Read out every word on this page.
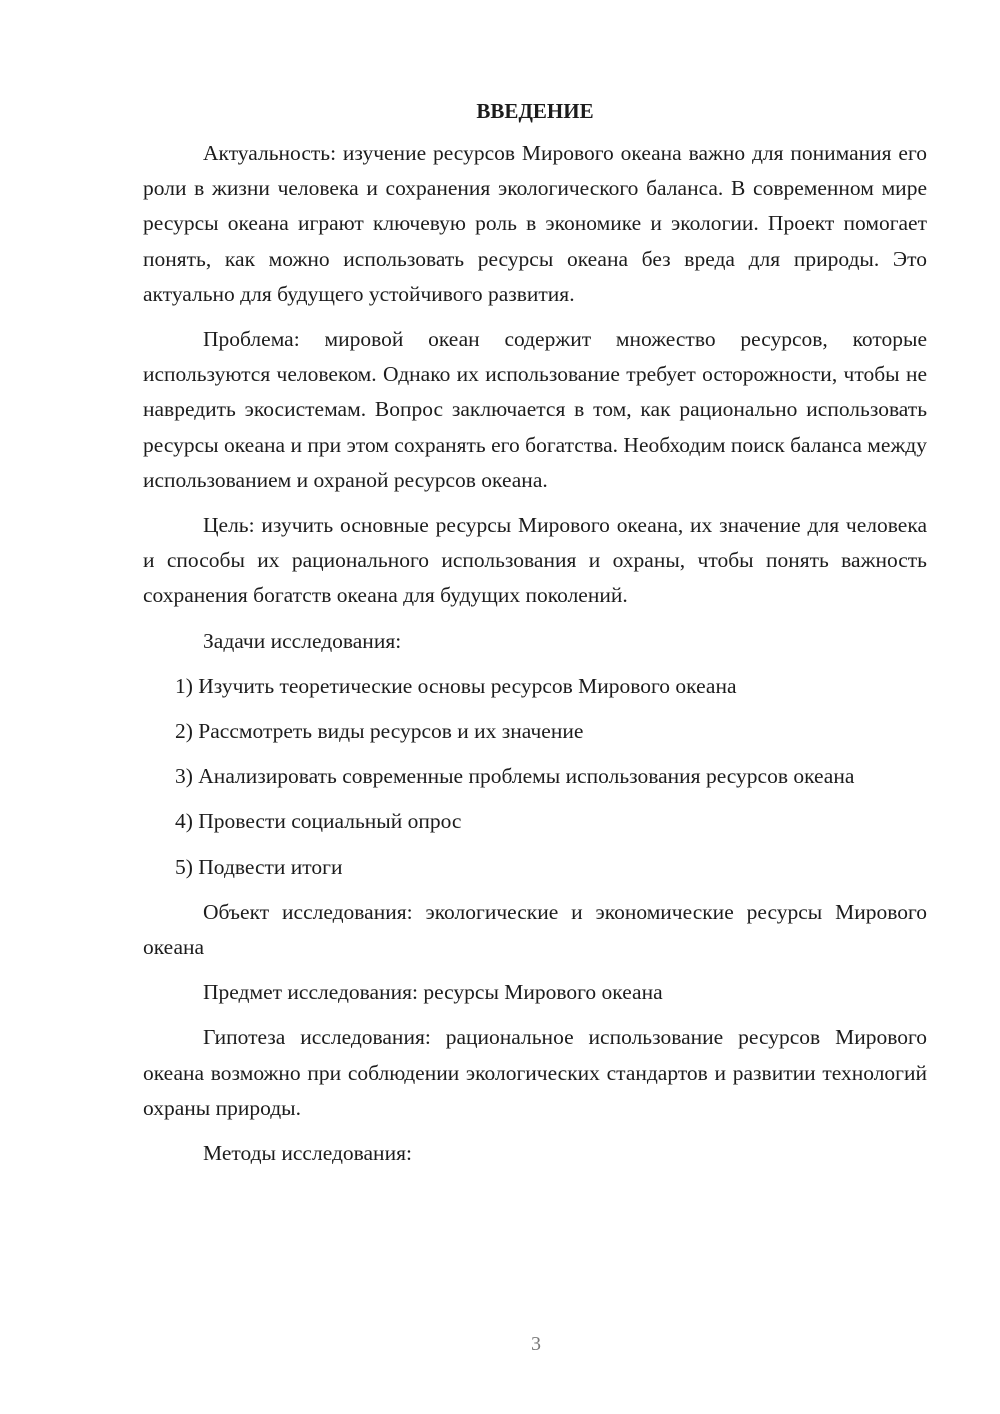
ВВЕДЕНИЕ

Актуальность: изучение ресурсов Мирового океана важно для понимания его роли в жизни человека и сохранения экологического баланса. В современном мире ресурсы океана играют ключевую роль в экономике и экологии. Проект помогает понять, как можно использовать ресурсы океана без вреда для природы. Это актуально для будущего устойчивого развития.

Проблема: мировой океан содержит множество ресурсов, которые используются человеком. Однако их использование требует осторожности, чтобы не навредить экосистемам. Вопрос заключается в том, как рационально использовать ресурсы океана и при этом сохранять его богатства. Необходим поиск баланса между использованием и охраной ресурсов океана.

Цель: изучить основные ресурсы Мирового океана, их значение для человека и способы их рационального использования и охраны, чтобы понять важность сохранения богатств океана для будущих поколений.

Задачи исследования:

1) Изучить теоретические основы ресурсов Мирового океана

2) Рассмотреть виды ресурсов и их значение

3) Анализировать современные проблемы использования ресурсов океана

4) Провести социальный опрос

5) Подвести итоги

Объект исследования: экологические и экономические ресурсы Мирового океана

Предмет исследования: ресурсы Мирового океана

Гипотеза исследования: рациональное использование ресурсов Мирового океана возможно при соблюдении экологических стандартов и развитии технологий охраны природы.

Методы исследования:

3
